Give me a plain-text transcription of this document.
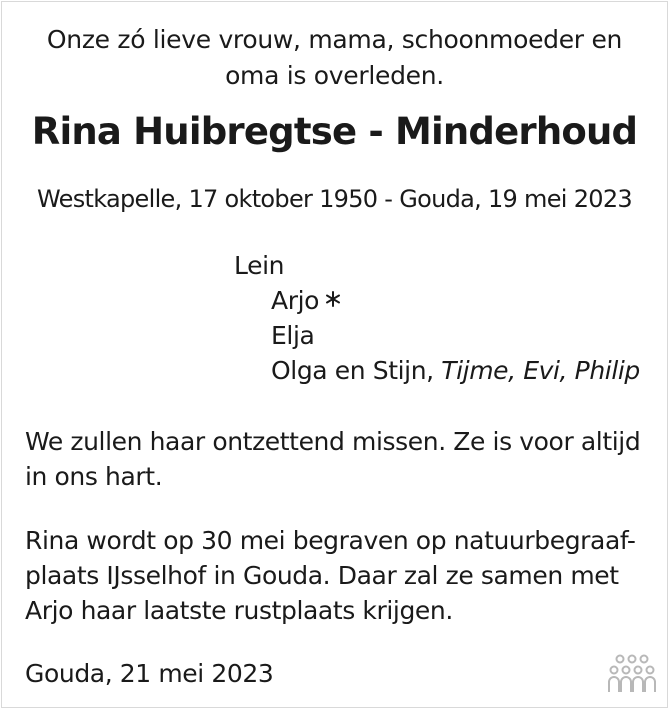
Onze zó lieve vrouw, mama, schoonmoeder en
oma is overleden.
Rina Huibregtse - Minderhoud
Westkapelle, 17 oktober 1950 - Gouda, 19 mei 2023
Lein
Arjo
Elja
Olga en Stijn, Tijme, Evi, Philip
We zullen haar ontzettend missen. Ze is voor altijd in ons hart.
Rina wordt op 30 mei begraven op natuurbegraaf-plaats IJsselhof in Gouda. Daar zal ze samen met Arjo haar laatste rustplaats krijgen.
Gouda, 21 mei 2023
